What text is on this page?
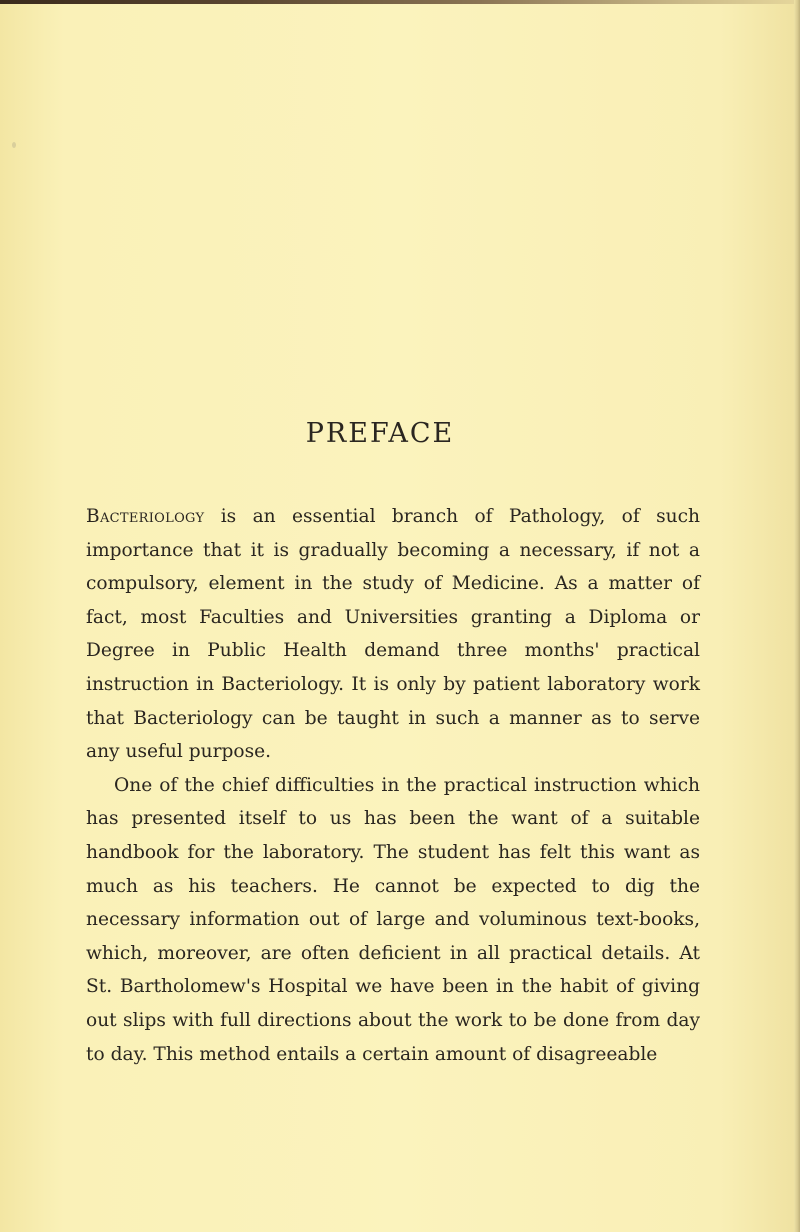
PREFACE

Bacteriology is an essential branch of Pathology, of such importance that it is gradually becoming a necessary, if not a compulsory, element in the study of Medicine. As a matter of fact, most Faculties and Universities granting a Diploma or Degree in Public Health demand three months' practical instruction in Bacteriology. It is only by patient laboratory work that Bacteriology can be taught in such a manner as to serve any useful purpose.

One of the chief difficulties in the practical instruction which has presented itself to us has been the want of a suitable handbook for the laboratory. The student has felt this want as much as his teachers. He cannot be expected to dig the necessary information out of large and voluminous text-books, which, moreover, are often deficient in all practical details. At St. Bartholomew's Hospital we have been in the habit of giving out slips with full directions about the work to be done from day to day. This method entails a certain amount of disagreeable
